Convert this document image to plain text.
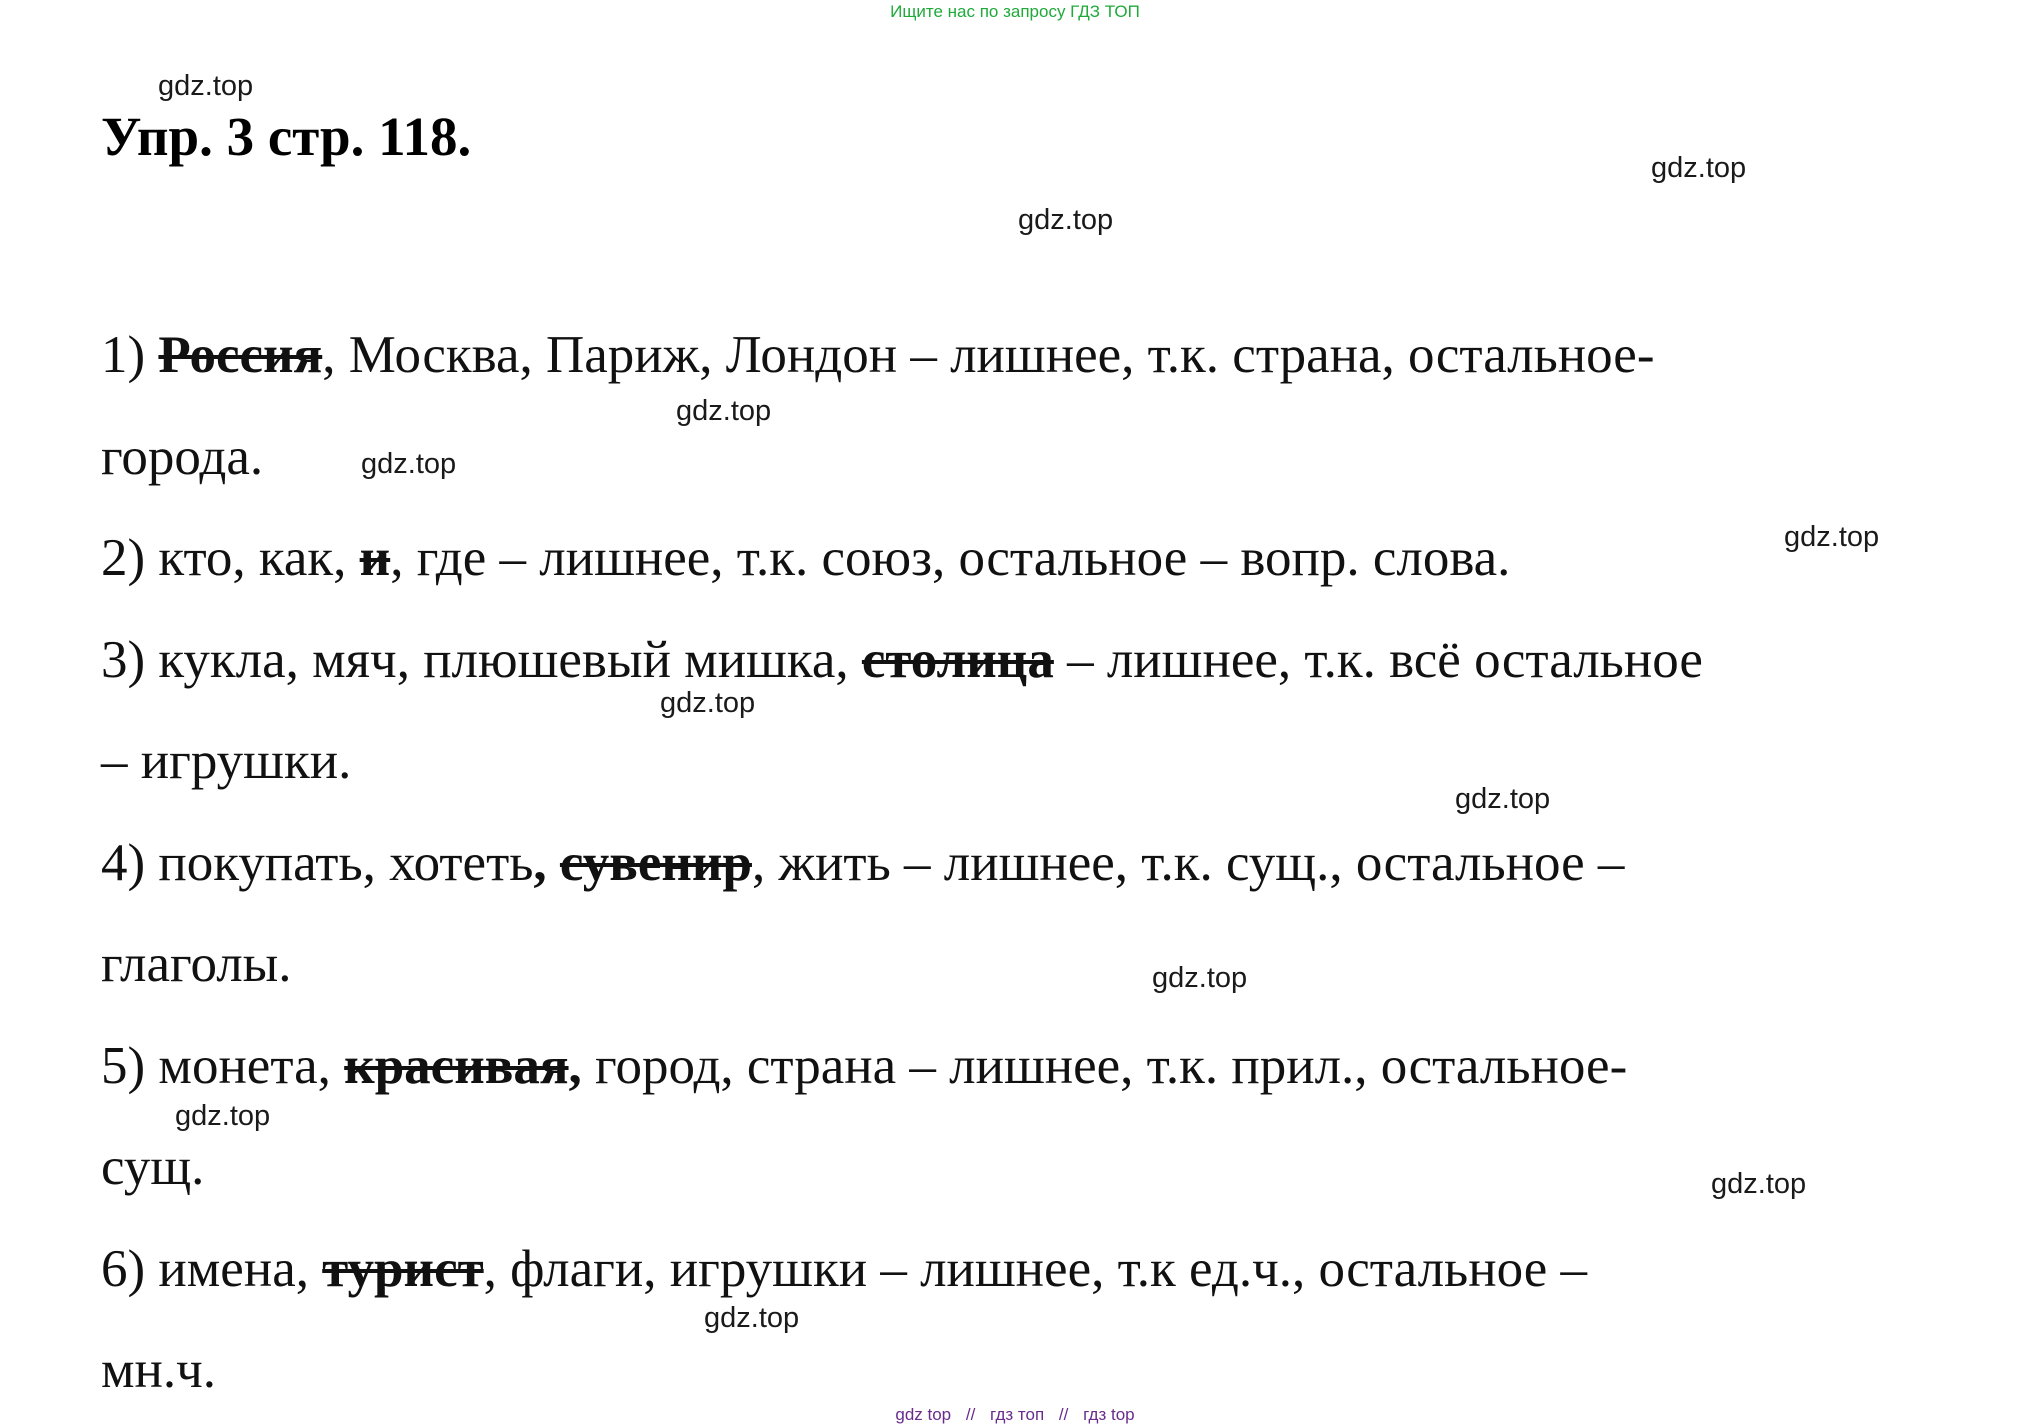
Ищите нас по запросу ГДЗ ТОП
Упр. 3 стр. 118.
1) Россия, Москва, Париж, Лондон – лишнее, т.к. страна, остальное-
города.
2) кто, как, и, где – лишнее, т.к. союз, остальное – вопр. слова.
3) кукла, мяч, плюшевый мишка, столица – лишнее, т.к. всё остальное
– игрушки.
4) покупать, хотеть, сувенир, жить – лишнее, т.к. сущ., остальное –
глаголы.
5) монета, красивая, город, страна – лишнее, т.к. прил., остальное-
сущ.
6) имена, турист, флаги, игрушки – лишнее, т.к ед.ч., остальное –
мн.ч.
gdz.top
gdz.top
gdz.top
gdz.top
gdz.top
gdz.top
gdz.top
gdz.top
gdz.top
gdz.top
gdz.top
gdz.top
gdz top // гдз топ // гдз top
